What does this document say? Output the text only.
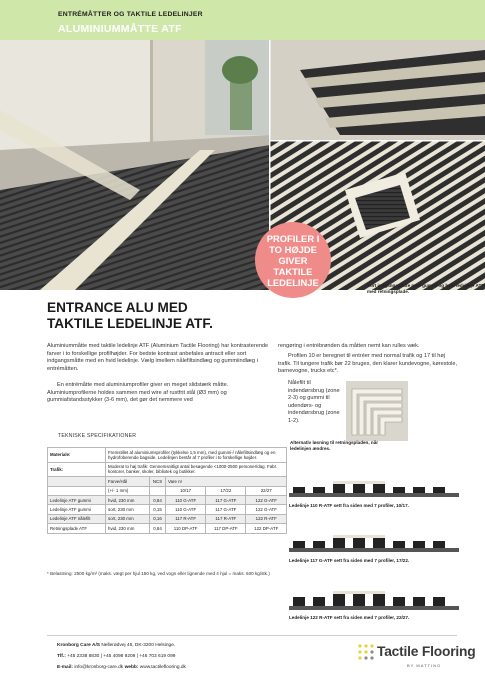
ENTRÉMÅTTER OG TAKTILE LEDELINJER
ALUMINIUMMÅTTE ATF
PROFILER I
TO HØJDE
GIVER
TAKTILE
LEDELINJE	Sort indgangsmåtte med gummi og hvid ledelinje ATF med retningsplade.
ENTRANCE ALU MED
TAKTILE LEDELINJE ATF.
Aluminiummåtte med taktile ledelinje ATF (Aluminium Tactile Flooring) har kontrasterende farver i to forskellige profilhøjder. For bedste kontrast anbefales antracit eller sort indgangsmåtte med en hvid ledelinje. Vælg imellem nålefiltsindlæg og gummiindlæg i entrémåtten.
En entrémåtte med aluminiumprofiler giver en meget slidstærk måtte. Aluminiumprofilerne holdes sammen med wire af rustfrit stål (Ø3 mm) og gummiafstandsstykker (3-6 mm), det gør det nemmere ved
rengøring i entrébrønden da måtten nemt kan rulles væk.
Profilen 10 er beregnet til entréer med normal trafik og 17 til høj trafik. Til tungere trafik bør 22 bruges, den klarer kundevogne, kørestole, barnevogne, trucks etc*.
Nålefilt til indendørsbrug (zone 2-3) og gummi til udendørs- og indendørsbrug (zone 1-2).
Alternativ løsning til retningspladen, når ledelinjen ændres.
TEKNISKE SPECIFIKATIONER
Materiale:	Fremstillet af aluminiumsprofiler (tykkelse 1,5 mm), med gummi-/ nålefiltsindlæg og en hydrofoberende bagside. Ledelinjen består af 7 profiler i to forskellige højder.				
Trafik:	Moderat to høj trafik: Gennemsnitligt antal besøgende <1000-2500 personer/dag. Fabr. kontorer, banker, skoler, bibliotek og butikker.				
	Farve/Hål	NCS	Vare nr		
	(+/- 1 mm)		10/17	17/22	22/27
Ledelinje ATF gummi	hvid, 230 mm	0,84	110 G-ATF	117 G-ATF	122 G-ATF
Ledelinje ATF gummi	sort, 230 mm	0,15	110 G-ATF	117 G-ATF	122 G-ATF
Ledelinje ATF nålefilt	sort, 230 mm	0,16	117 R-ATF	117 R-ATF	122 R-ATF
Retningsplade ATF	hvid, 230 mm	0,84	110 DP-ATF	117 DP-ATF	122 DP-ATF
* Belastning: 2500 kg/m² (maks. vægt per hjul 150 kg, ved vogn eller lignende med 4 hjul = maks. 600 kg/stk.)
Ledelinje 110 R-ATF sett fra siden med 7 profiler, 10/17.
Ledelinje 117 G-ATF sett fra siden med 7 profiler, 17/22.
Ledelinje 122 R-ATF sett fra siden med 7 profiler, 22/27.
Kronborg Care A/S Nellerødvej 45, DK-3200 Helsinge.
Tlf.: +45 2338 8830 | +45 4098 9209 | +46 703 619 099
E-mail: info@kronborg-care.dk webb: www.tactileflooring.dk
Tactile Flooring
BY MATTING
